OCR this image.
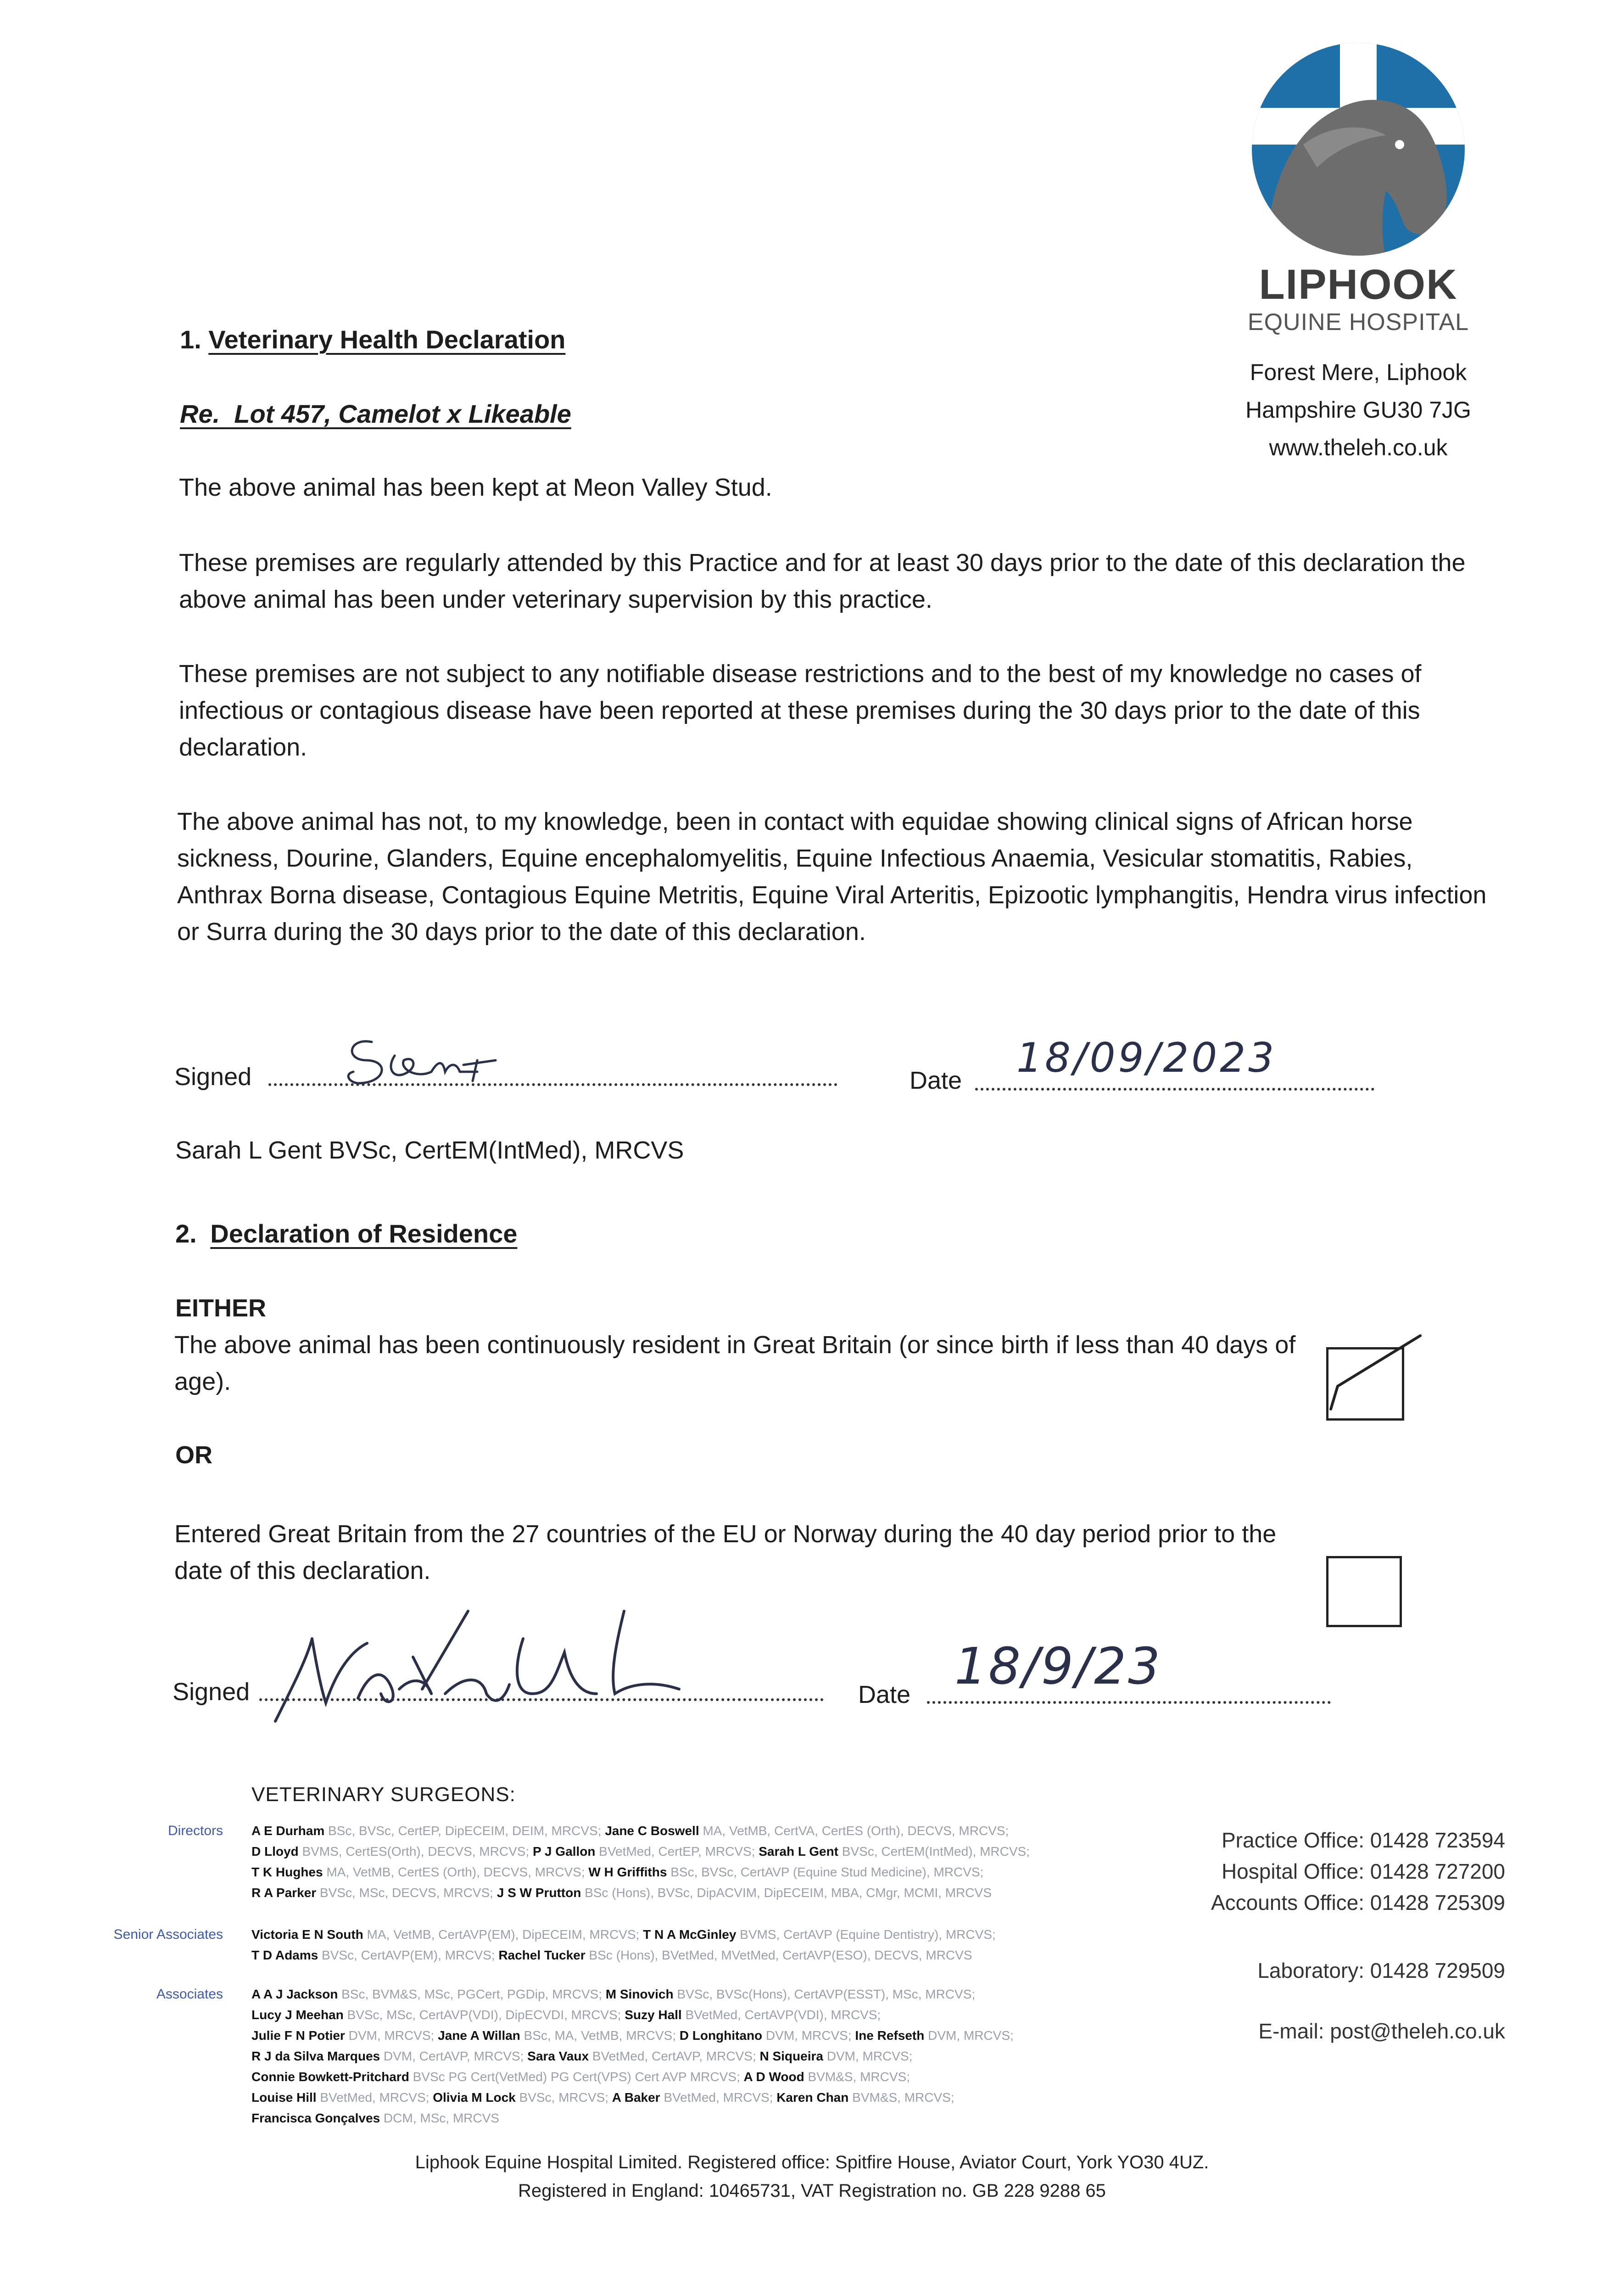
LIPHOOK
EQUINE HOSPITAL
Forest Mere, Liphook
Hampshire GU30 7JG
www.theleh.co.uk
1. Veterinary Health Declaration
Re.  Lot 457, Camelot x Likeable
The above animal has been kept at Meon Valley Stud.
These premises are regularly attended by this Practice and for at least 30 days prior to the date of this declaration the above animal has been under veterinary supervision by this practice.
These premises are not subject to any notifiable disease restrictions and to the best of my knowledge no cases of infectious or contagious disease have been reported at these premises during the 30 days prior to the date of this declaration.
The above animal has not, to my knowledge, been in contact with equidae showing clinical signs of African horse sickness, Dourine, Glanders, Equine encephalomyelitis, Equine Infectious Anaemia, Vesicular stomatitis, Rabies, Anthrax Borna disease, Contagious Equine Metritis, Equine Viral Arteritis, Epizootic lymphangitis, Hendra virus infection or Surra during the 30 days prior to the date of this declaration.
Signed	Date 18/09/2023
Sarah L Gent BVSc, CertEM(IntMed), MRCVS
2. Declaration of Residence
EITHER
The above animal has been continuously resident in Great Britain (or since birth if less than 40 days of age).
OR
Entered Great Britain from the 27 countries of the EU or Norway during the 40 day period prior to the date of this declaration.
Signed	Date 18/9/23
VETERINARY SURGEONS:
Directors A E Durham BSc, BVSc, CertEP, DipECEIM, DEIM, MRCVS; Jane C Boswell MA, VetMB, CertVA, CertES (Orth), DECVS, MRCVS;
D Lloyd BVMS, CertES(Orth), DECVS, MRCVS; P J Gallon BVetMed, CertEP, MRCVS; Sarah L Gent BVSc, CertEM(IntMed), MRCVS;
T K Hughes MA, VetMB, CertES (Orth), DECVS, MRCVS; W H Griffiths BSc, BVSc, CertAVP (Equine Stud Medicine), MRCVS;
R A Parker BVSc, MSc, DECVS, MRCVS; J S W Prutton BSc (Hons), BVSc, DipACVIM, DipECEIM, MBA, CMgr, MCMI, MRCVS
Senior Associates Victoria E N South MA, VetMB, CertAVP(EM), DipECEIM, MRCVS; T N A McGinley BVMS, CertAVP (Equine Dentistry), MRCVS;
T D Adams BVSc, CertAVP(EM), MRCVS; Rachel Tucker BSc (Hons), BVetMed, MVetMed, CertAVP(ESO), DECVS, MRCVS
Associates A A J Jackson BSc, BVM&S, MSc, PGCert, PGDip, MRCVS; M Sinovich BVSc, BVSc(Hons), CertAVP(ESST), MSc, MRCVS;
Lucy J Meehan BVSc, MSc, CertAVP(VDI), DipECVDI, MRCVS; Suzy Hall BVetMed, CertAVP(VDI), MRCVS;
Julie F N Potier DVM, MRCVS; Jane A Willan BSc, MA, VetMB, MRCVS; D Longhitano DVM, MRCVS; Ine Refseth DVM, MRCVS;
R J da Silva Marques DVM, CertAVP, MRCVS; Sara Vaux BVetMed, CertAVP, MRCVS; N Siqueira DVM, MRCVS;
Connie Bowkett-Pritchard BVSc PG Cert(VetMed) PG Cert(VPS) Cert AVP MRCVS; A D Wood BVM&S, MRCVS;
Louise Hill BVetMed, MRCVS; Olivia M Lock BVSc, MRCVS; A Baker BVetMed, MRCVS; Karen Chan BVM&S, MRCVS;
Francisca Gonçalves DCM, MSc, MRCVS
Practice Office: 01428 723594
Hospital Office: 01428 727200
Accounts Office: 01428 725309
Laboratory: 01428 729509
E-mail: post@theleh.co.uk
Liphook Equine Hospital Limited. Registered office: Spitfire House, Aviator Court, York YO30 4UZ.
Registered in England: 10465731, VAT Registration no. GB 228 9288 65
